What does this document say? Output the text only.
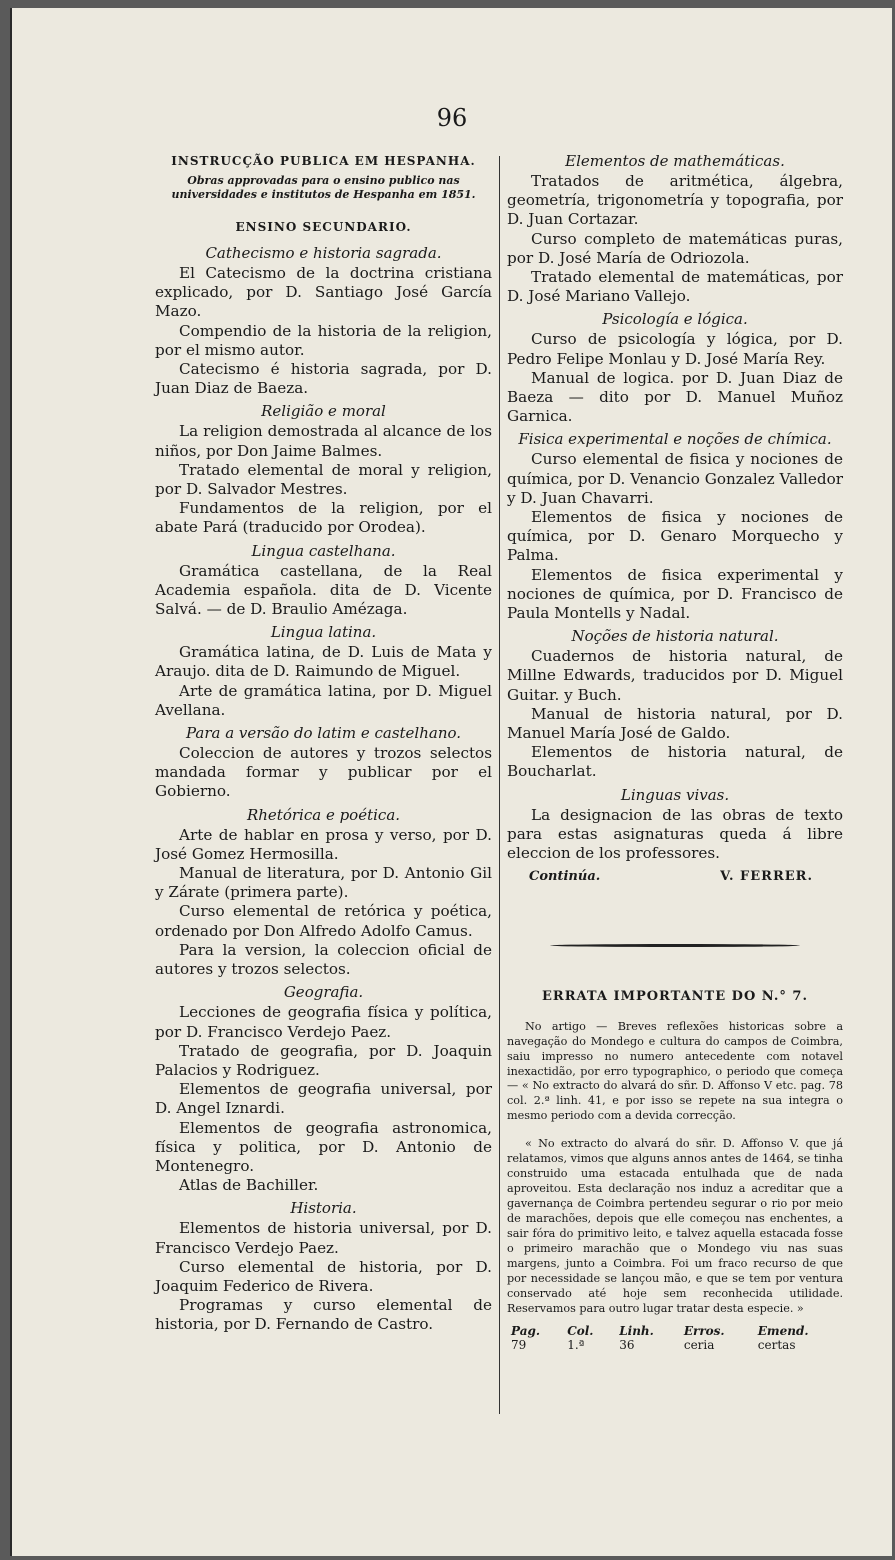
96
INSTRUCÇÃO PUBLICA EM HESPANHA.
Obras approvadas para o ensino publico nas universidades e institutos de Hespanha em 1851.
ENSINO SECUNDARIO.
Cathecismo e historia sagrada.

El Catecismo de la doctrina cristiana explicado, por D. Santiago José García Mazo.

Compendio de la historia de la religion, por el mismo autor.

Catecismo é historia sagrada, por D. Juan Diaz de Baeza.

Religião e moral

La religion demostrada al alcance de los niños, por Don Jaime Balmes.

Tratado elemental de moral y religion, por D. Salvador Mestres.

Fundamentos de la religion, por el abate Pará (traducido por Orodea).

Lingua castelhana.

Gramática castellana, de la Real Academia española. dita de D. Vicente Salvá. — de D. Braulio Amézaga.

Lingua latina.

Gramática latina, de D. Luis de Mata y Araujo. dita de D. Raimundo de Miguel.

Arte de gramática latina, por D. Miguel Avellana.

Para a versão do latim e castelhano.

Coleccion de autores y trozos selectos mandada formar y publicar por el Gobierno.

Rhetórica e poética.

Arte de hablar en prosa y verso, por D. José Gomez Hermosilla.

Manual de literatura, por D. Antonio Gil y Zárate (primera parte).

Curso elemental de retórica y poética, ordenado por Don Alfredo Adolfo Camus.

Para la version, la coleccion oficial de autores y trozos selectos.

Geografia.

Lecciones de geografia física y política, por D. Francisco Verdejo Paez.

Tratado de geografia, por D. Joaquin Palacios y Rodriguez.

Elementos de geografia universal, por D. Angel Iznardi.

Elementos de geografia astronomica, física y politica, por D. Antonio de Montenegro.

Atlas de Bachiller.

Historia.

Elementos de historia universal, por D. Francisco Verdejo Paez.

Curso elemental de historia, por D. Joaquim Federico de Rivera.

Programas y curso elemental de historia, por D. Fernando de Castro.

Elementos de mathemáticas.

Tratados de aritmética, álgebra, geometría, trigonometría y topografia, por D. Juan Cortazar.

Curso completo de matemáticas puras, por D. José María de Odriozola.

Tratado elemental de matemáticas, por D. José Mariano Vallejo.

Psicología e lógica.

Curso de psicología y lógica, por D. Pedro Felipe Monlau y D. José María Rey.

Manual de logica. por D. Juan Diaz de Baeza — dito por D. Manuel Muñoz Garnica.

Fisica experimental e noções de chímica.

Curso elemental de fisica y nociones de química, por D. Venancio Gonzalez Valledor y D. Juan Chavarri.

Elementos de fisica y nociones de química, por D. Genaro Morquecho y Palma.

Elementos de fisica experimental y nociones de química, por D. Francisco de Paula Montells y Nadal.

Noções de historia natural.

Cuadernos de historia natural, de Millne Edwards, traducidos por D. Miguel Guitar. y Buch.

Manual de historia natural, por D. Manuel María José de Galdo.

Elementos de historia natural, de Boucharlat.

Linguas vivas.

La designacion de las obras de texto para estas asignaturas queda á libre eleccion de los professores.

Continúa.	V. FERRER.
ERRATA IMPORTANTE DO N.° 7.

No artigo — Breves reflexões historicas sobre a navegação do Mondego e cultura do campos de Coimbra, saiu impresso no numero antecedente com notavel inexactidão, por erro typographico, o periodo que começa — « No extracto do alvará do sñr. D. Affonso V etc. pag. 78 col. 2.ª linh. 41, e por isso se repete na sua integra o mesmo periodo com a devida correcção.

« No extracto do alvará do sñr. D. Affonso V. que já relatamos, vimos que alguns annos antes de 1464, se tinha construido uma estacada entulhada que de nada aproveitou. Esta declaração nos induz a acreditar que a gavernança de Coimbra pertendeu segurar o rio por meio de marachões, depois que elle começou nas enchentes, a sair fóra do primitivo leito, e talvez aquella estacada fosse o primeiro marachão que o Mondego viu nas suas margens, junto a Coimbra. Foi um fraco recurso de que por necessidade se lançou mão, e que se tem por ventura conservado até hoje sem reconhecida utilidade. Reservamos para outro lugar tratar desta especie. »

Pag.	Col.	Linh.	Erros.	Emend.
79	1.ª	36	ceria	certas
